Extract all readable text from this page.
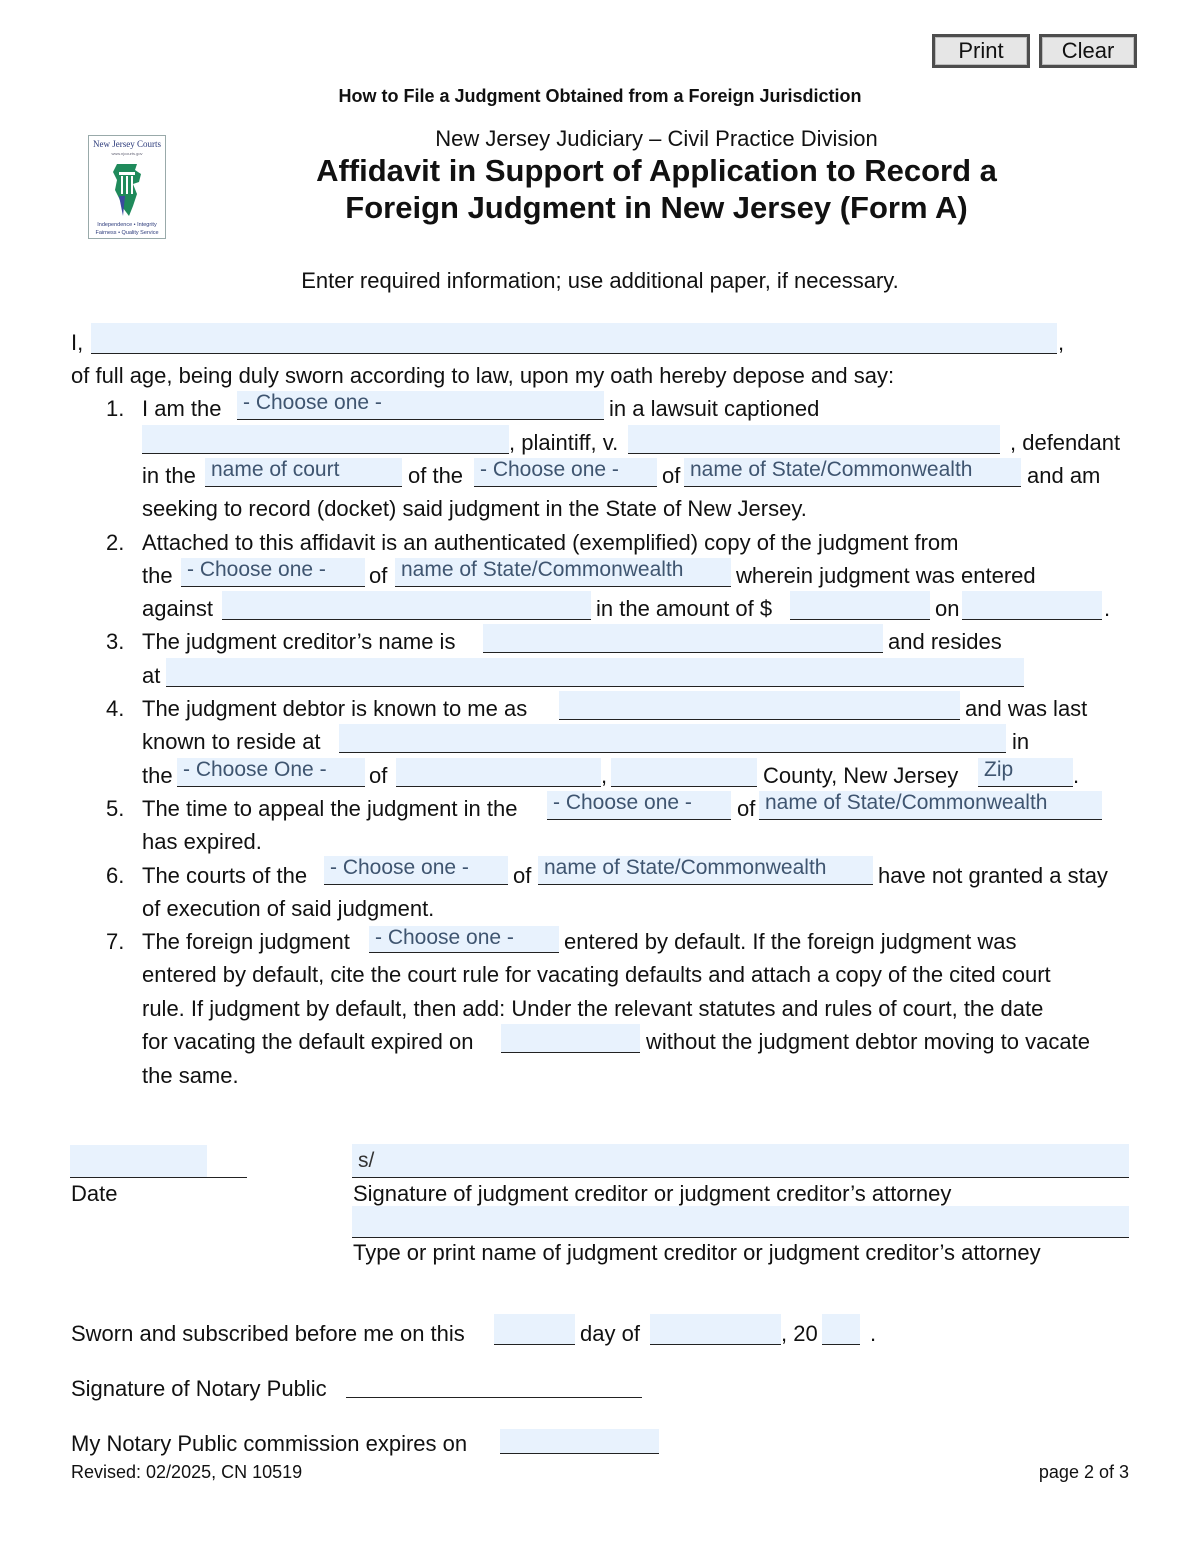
Print	Clear
How to File a Judgment Obtained from a Foreign Jurisdiction
New Jersey Courts
www.njcourts.gov
Independence • Integrity
Fairness • Quality Service
New Jersey Judiciary – Civil Practice Division
Affidavit in Support of Application to Record a
Foreign Judgment in New Jersey (Form A)
Enter required information; use additional paper, if necessary.
I,	,
of full age, being duly sworn according to law, upon my oath hereby depose and say:
1. I am the - Choose one -	in a lawsuit captioned
, plaintiff, v.	, defendant
in the name of court	of the - Choose one -	of name of State/Commonwealth	and am
seeking to record (docket) said judgment in the State of New Jersey.
2. Attached to this affidavit is an authenticated (exemplified) copy of the judgment from
the - Choose one -	of name of State/Commonwealth	wherein judgment was entered
against	in the amount of $	on	.
3. The judgment creditor’s name is	and resides
at
4. The judgment debtor is known to me as	and was last
known to reside at	in
the - Choose One -	of	,	County, New Jersey Zip	.
5. The time to appeal the judgment in the - Choose one -	of name of State/Commonwealth
has expired.
6. The courts of the - Choose one -	of name of State/Commonwealth	have not granted a stay
of execution of said judgment.
7. The foreign judgment - Choose one -	entered by default. If the foreign judgment was
entered by default, cite the court rule for vacating defaults and attach a copy of the cited court
rule. If judgment by default, then add: Under the relevant statutes and rules of court, the date
for vacating the default expired on	without the judgment debtor moving to vacate
the same.
Date
s/
Signature of judgment creditor or judgment creditor’s attorney
Type or print name of judgment creditor or judgment creditor’s attorney
Sworn and subscribed before me on this	day of	, 20 .
Signature of Notary Public
My Notary Public commission expires on
Revised: 02/2025, CN 10519	page 2 of 3
